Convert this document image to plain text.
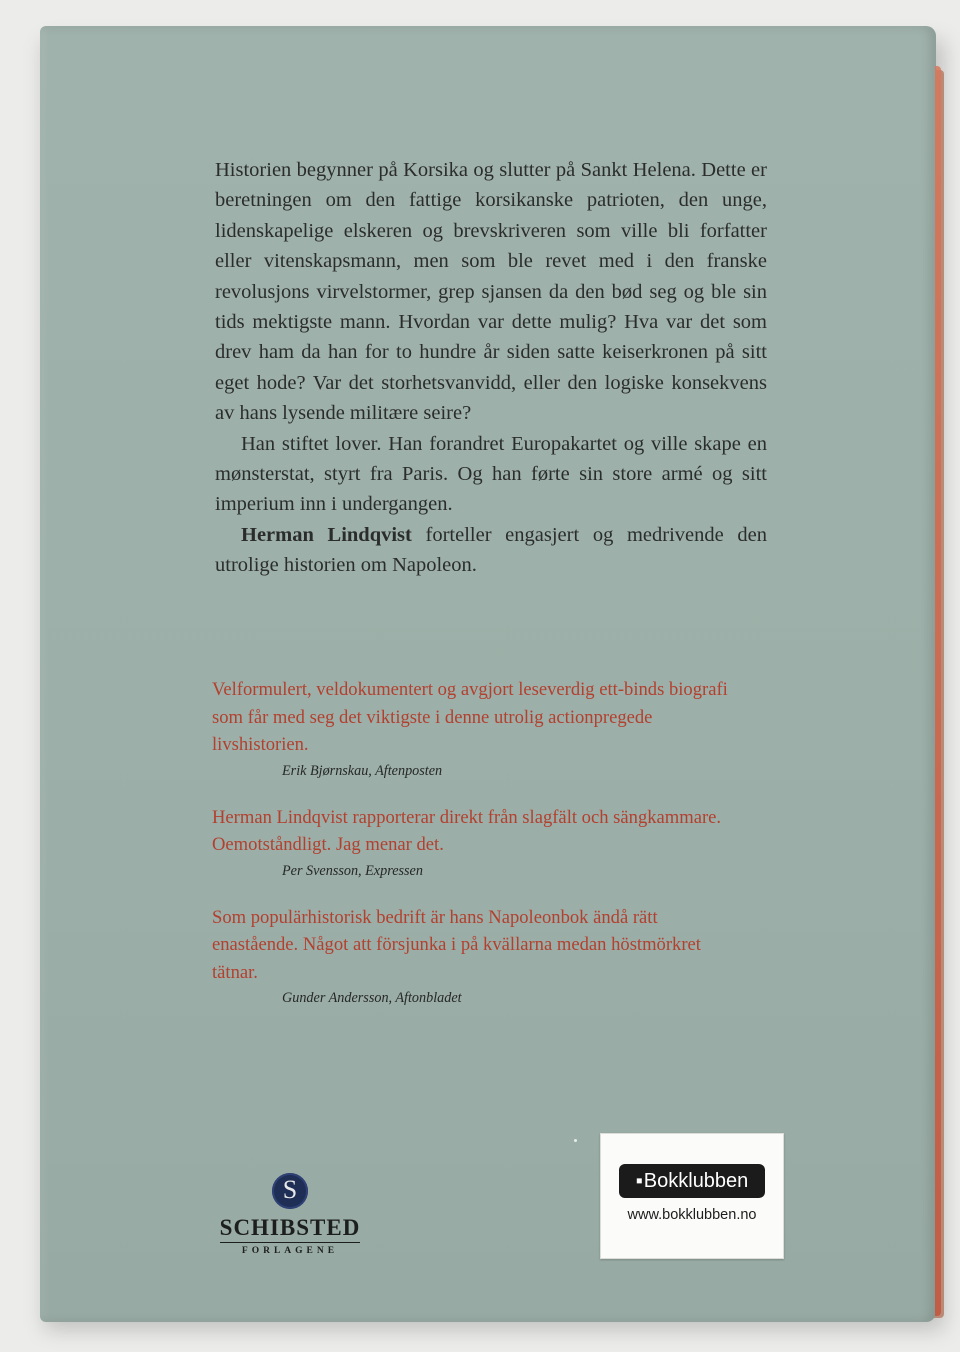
Historien begynner på Korsika og slutter på Sankt Helena. Dette er beretningen om den fattige korsikanske patrioten, den unge, lidenskapelige elskeren og brevskriveren som ville bli forfatter eller vitenskapsmann, men som ble revet med i den franske revolusjons virvelstormer, grep sjansen da den bød seg og ble sin tids mektigste mann. Hvordan var dette mulig? Hva var det som drev ham da han for to hundre år siden satte keiserkronen på sitt eget hode? Var det storhetsvanvidd, eller den logiske konsekvens av hans lysende militære seire?

Han stiftet lover. Han forandret Europakartet og ville skape en mønsterstat, styrt fra Paris. Og han førte sin store armé og sitt imperium inn i undergangen.

Herman Lindqvist forteller engasjert og medrivende den utrolige historien om Napoleon.

Velformulert, veldokumentert og avgjort leseverdig ett-binds biografi som får med seg det viktigste i denne utrolig actionpregede livshistorien.

Erik Bjørnskau, Aftenposten

Herman Lindqvist rapporterar direkt från slagfält och sängkammare. Oemotståndligt. Jag menar det.

Per Svensson, Expressen

Som populärhistorisk bedrift är hans Napoleonbok ändå rätt enastående. Något att försjunka i på kvällarna medan höstmörkret tätnar.

Gunder Andersson, Aftonbladet
S
SCHIBSTED
FORLAGENE
▪Bokklubben
www.bokklubben.no
